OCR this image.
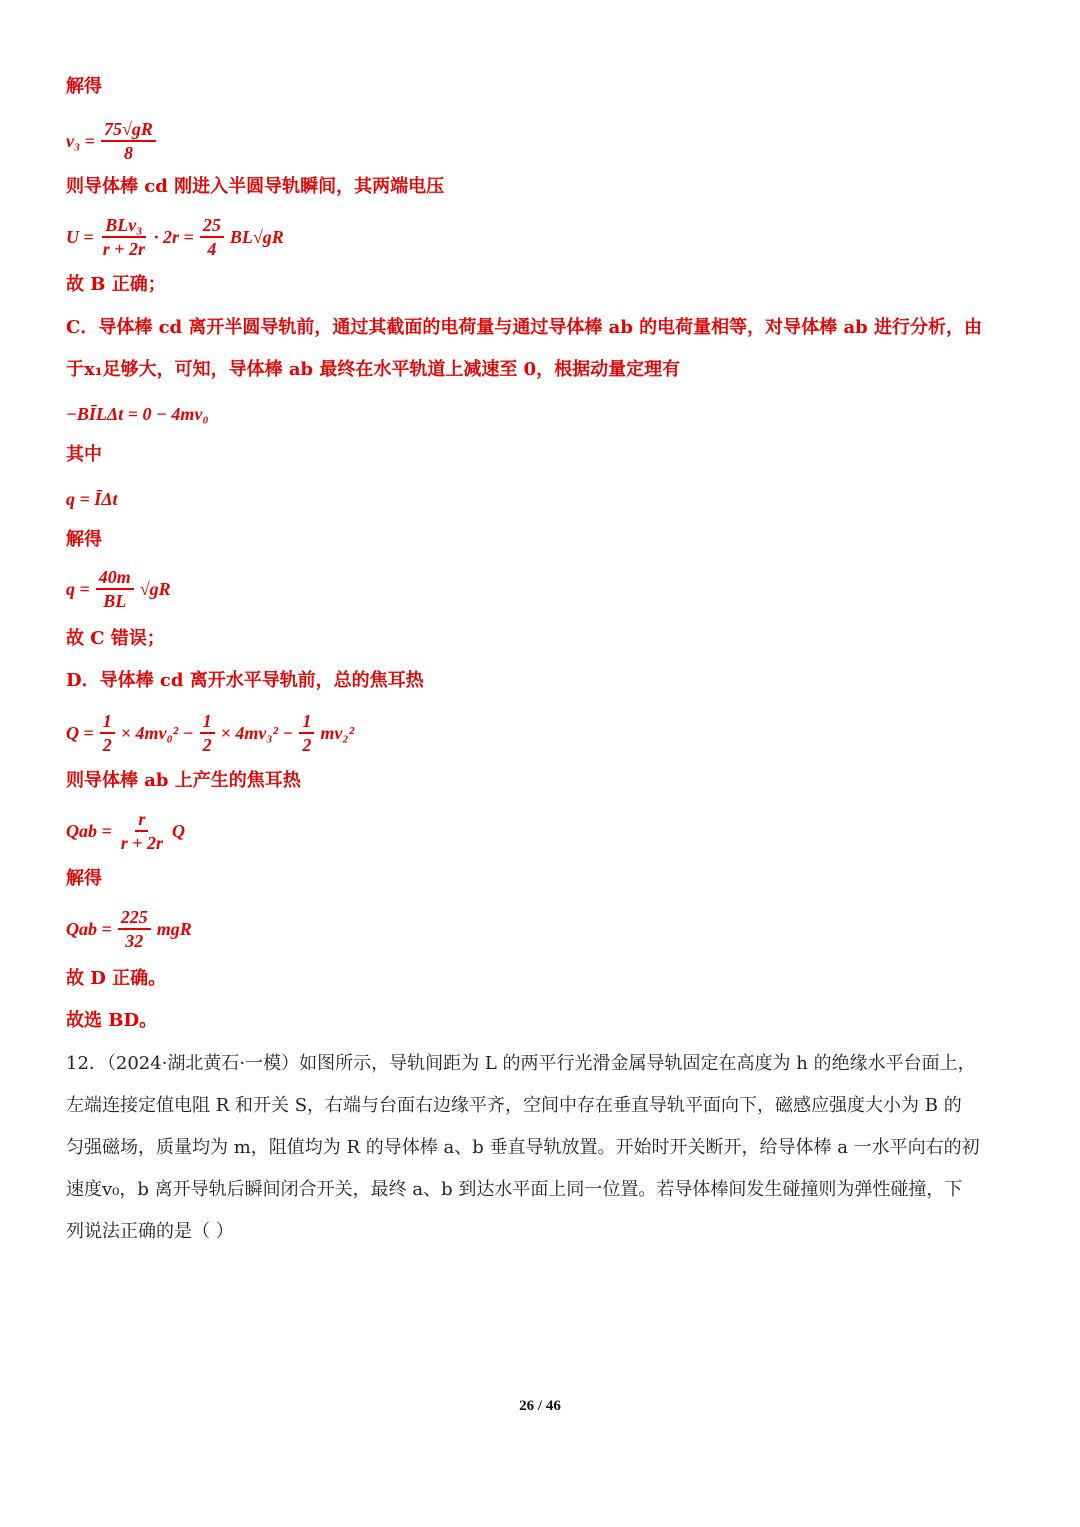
解得
$v_3 = \frac{75√gR}{8}$
则导体棒 cd 刚进入半圆导轨瞬间，其两端电压
$U = \frac{\text{BLv₃}}{r + 2r} \cdot 2r = \frac{25}{4} BL√gR$
故 B 正确；
C．导体棒 cd 离开半圆导轨前，通过其截面的电荷量与通过导体棒 ab 的电荷量相等，对导体棒 ab 进行分析，由
于x₁足够大，可知，导体棒 ab 最终在水平轨道上减速至 0，根据动量定理有
−BĪLΔt = 0 − 4mv₀
其中
q = ĪΔt
解得
$q = \frac{40m}{BL} √gR$
故 C 错误；
D．导体棒 cd 离开水平导轨前，总的焦耳热
$Q = \frac{1}{2} \times 4mv_0^2 - \frac{1}{2} \times 4mv_3^2 - \frac{1}{2} mv_2^2$
则导体棒 ab 上产生的焦耳热
Qab = $\frac{r}{r + 2r}$ Q
解得
Qab = $\frac{225}{32}$ mgR
故 D 正确。
故选 BD。
12．（2024·湖北黄石·一模）如图所示，导轨间距为 L 的两平行光滑金属导轨固定在高度为 h 的绝缘水平台面上，
左端连接定值电阻 R 和开关 S，右端与台面右边缘平齐，空间中存在垂直导轨平面向下，磁感应强度大小为 B 的
匀强磁场，质量均为 m，阻值均为 R 的导体棒 a、b 垂直导轨放置。开始时开关断开，给导体棒 a 一水平向右的初
速度v₀，b 离开导轨后瞬间闭合开关，最终 a、b 到达水平面上同一位置。若导体棒间发生碰撞则为弹性碰撞，下
列说法正确的是（ ）
26 / 46
